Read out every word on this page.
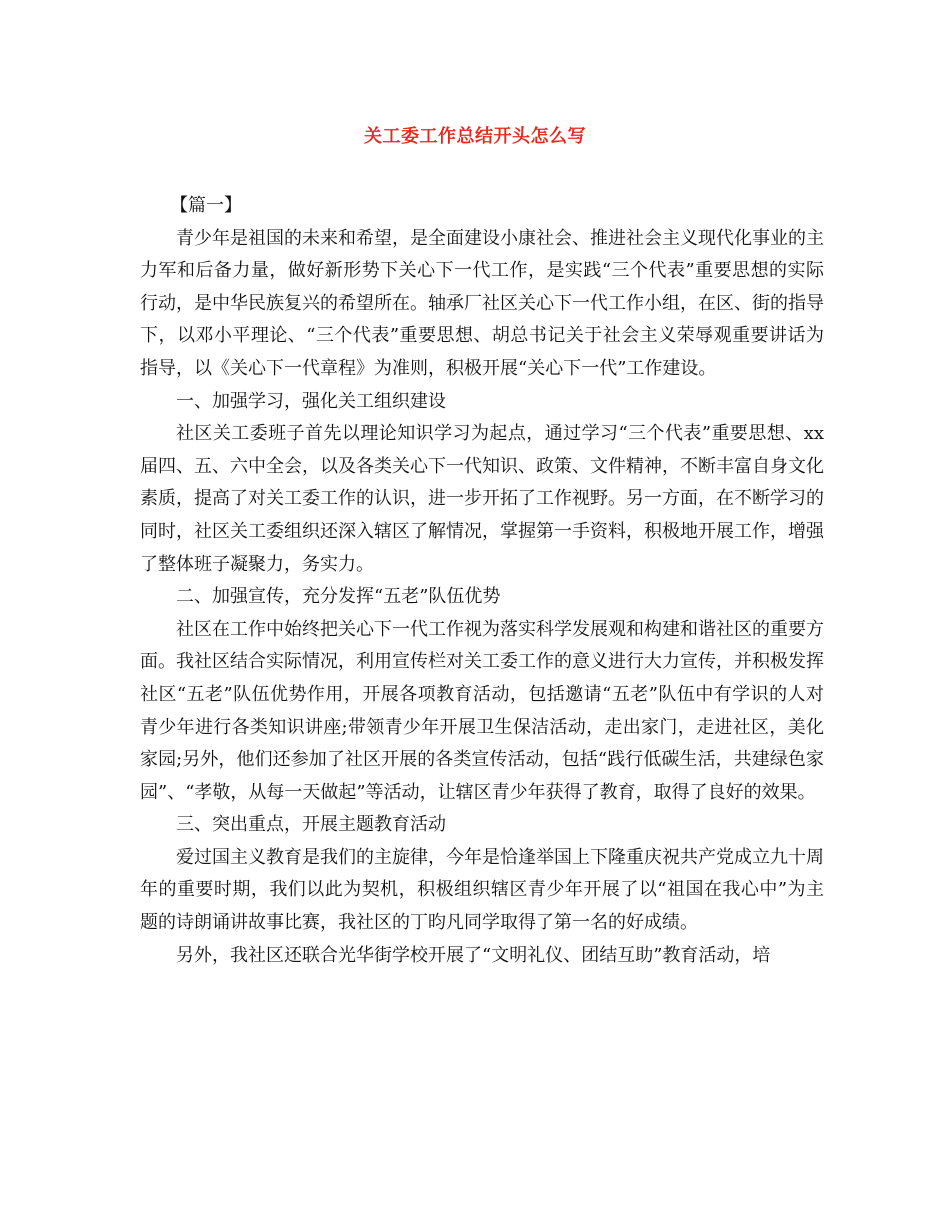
关工委工作总结开头怎么写

【篇一】

青少年是祖国的未来和希望，是全面建设小康社会、推进社会主义现代化事业的主力军和后备力量，做好新形势下关心下一代工作，是实践“三个代表”重要思想的实际行动，是中华民族复兴的希望所在。轴承厂社区关心下一代工作小组，在区、街的指导下，以邓小平理论、“三个代表”重要思想、胡总书记关于社会主义荣辱观重要讲话为指导，以《关心下一代章程》为准则，积极开展“关心下一代”工作建设。

一、加强学习，强化关工组织建设

社区关工委班子首先以理论知识学习为起点，通过学习“三个代表”重要思想、xx届四、五、六中全会，以及各类关心下一代知识、政策、文件精神，不断丰富自身文化素质，提高了对关工委工作的认识，进一步开拓了工作视野。另一方面，在不断学习的同时，社区关工委组织还深入辖区了解情况，掌握第一手资料，积极地开展工作，增强了整体班子凝聚力，务实力。

二、加强宣传，充分发挥“五老”队伍优势

社区在工作中始终把关心下一代工作视为落实科学发展观和构建和谐社区的重要方面。我社区结合实际情况，利用宣传栏对关工委工作的意义进行大力宣传，并积极发挥社区“五老”队伍优势作用，开展各项教育活动，包括邀请“五老”队伍中有学识的人对青少年进行各类知识讲座;带领青少年开展卫生保洁活动，走出家门，走进社区，美化家园;另外，他们还参加了社区开展的各类宣传活动，包括“践行低碳生活，共建绿色家园”、“孝敬，从每一天做起”等活动，让辖区青少年获得了教育，取得了良好的效果。

三、突出重点，开展主题教育活动

爱过国主义教育是我们的主旋律，今年是恰逢举国上下隆重庆祝共产党成立九十周年的重要时期，我们以此为契机，积极组织辖区青少年开展了以“祖国在我心中”为主题的诗朗诵讲故事比赛，我社区的丁昀凡同学取得了第一名的好成绩。

另外，我社区还联合光华街学校开展了“文明礼仪、团结互助”教育活动，培
